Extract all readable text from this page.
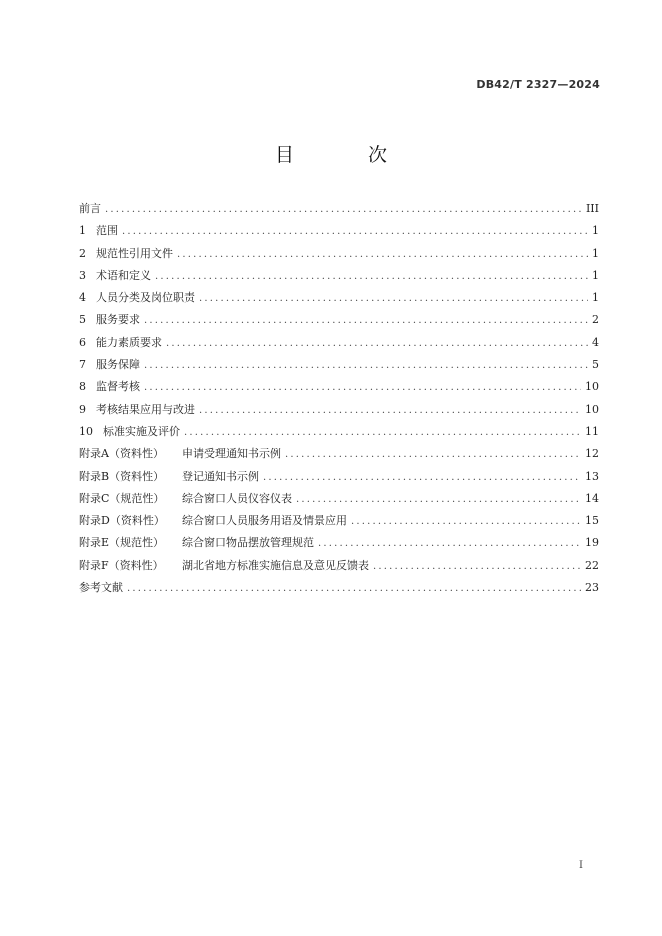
DB42/T 2327—2024
目 次
前言 .....	III
1 范围 .....	1
2 规范性引用文件 .....	1
3 术语和定义 .....	1
4 人员分类及岗位职责 .....	1
5 服务要求 .....	2
6 能力素质要求 .....	4
7 服务保障 .....	5
8 监督考核 .....	10
9 考核结果应用与改进 .....	10
10 标准实施及评价 .....	11
附录A（资料性） 申请受理通知书示例 .....	12
附录B（资料性） 登记通知书示例 .....	13
附录C（规范性） 综合窗口人员仪容仪表 .....	14
附录D（资料性） 综合窗口人员服务用语及情景应用 .....	15
附录E（规范性） 综合窗口物品摆放管理规范 .....	19
附录F（资料性） 湖北省地方标准实施信息及意见反馈表 .....	22
参考文献 .....	23
I
